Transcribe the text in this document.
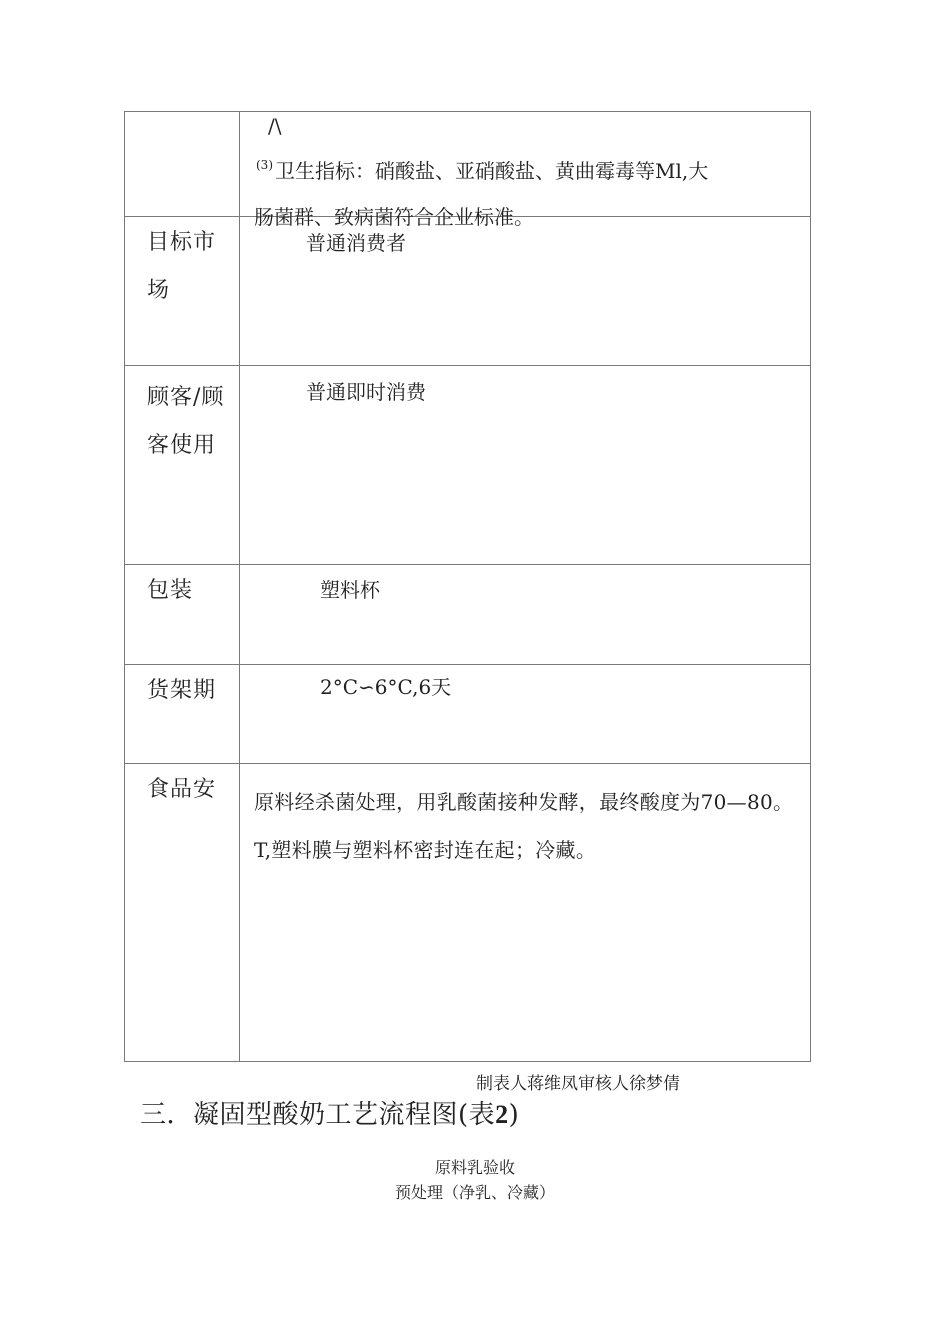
	/\
$^{(3)}$ 卫生指标：硝酸盐、亚硝酸盐、黄曲霉毒等Ml,大
肠菌群、致病菌符合企业标准。

目标市场	普通消费者

顾客/顾客使用	普通即时消费

包装	塑料杯

货架期	2°C∽6°C,6天

食品安	原料经杀菌处理，用乳酸菌接种发酵，最终酸度为70—80。T,塑料膜与塑料杯密封连在起；冷藏。
制表人蒋维凤审核人徐梦倩
三．凝固型酸奶工艺流程图(表2)
原料乳验收
预处理（净乳、冷藏）
